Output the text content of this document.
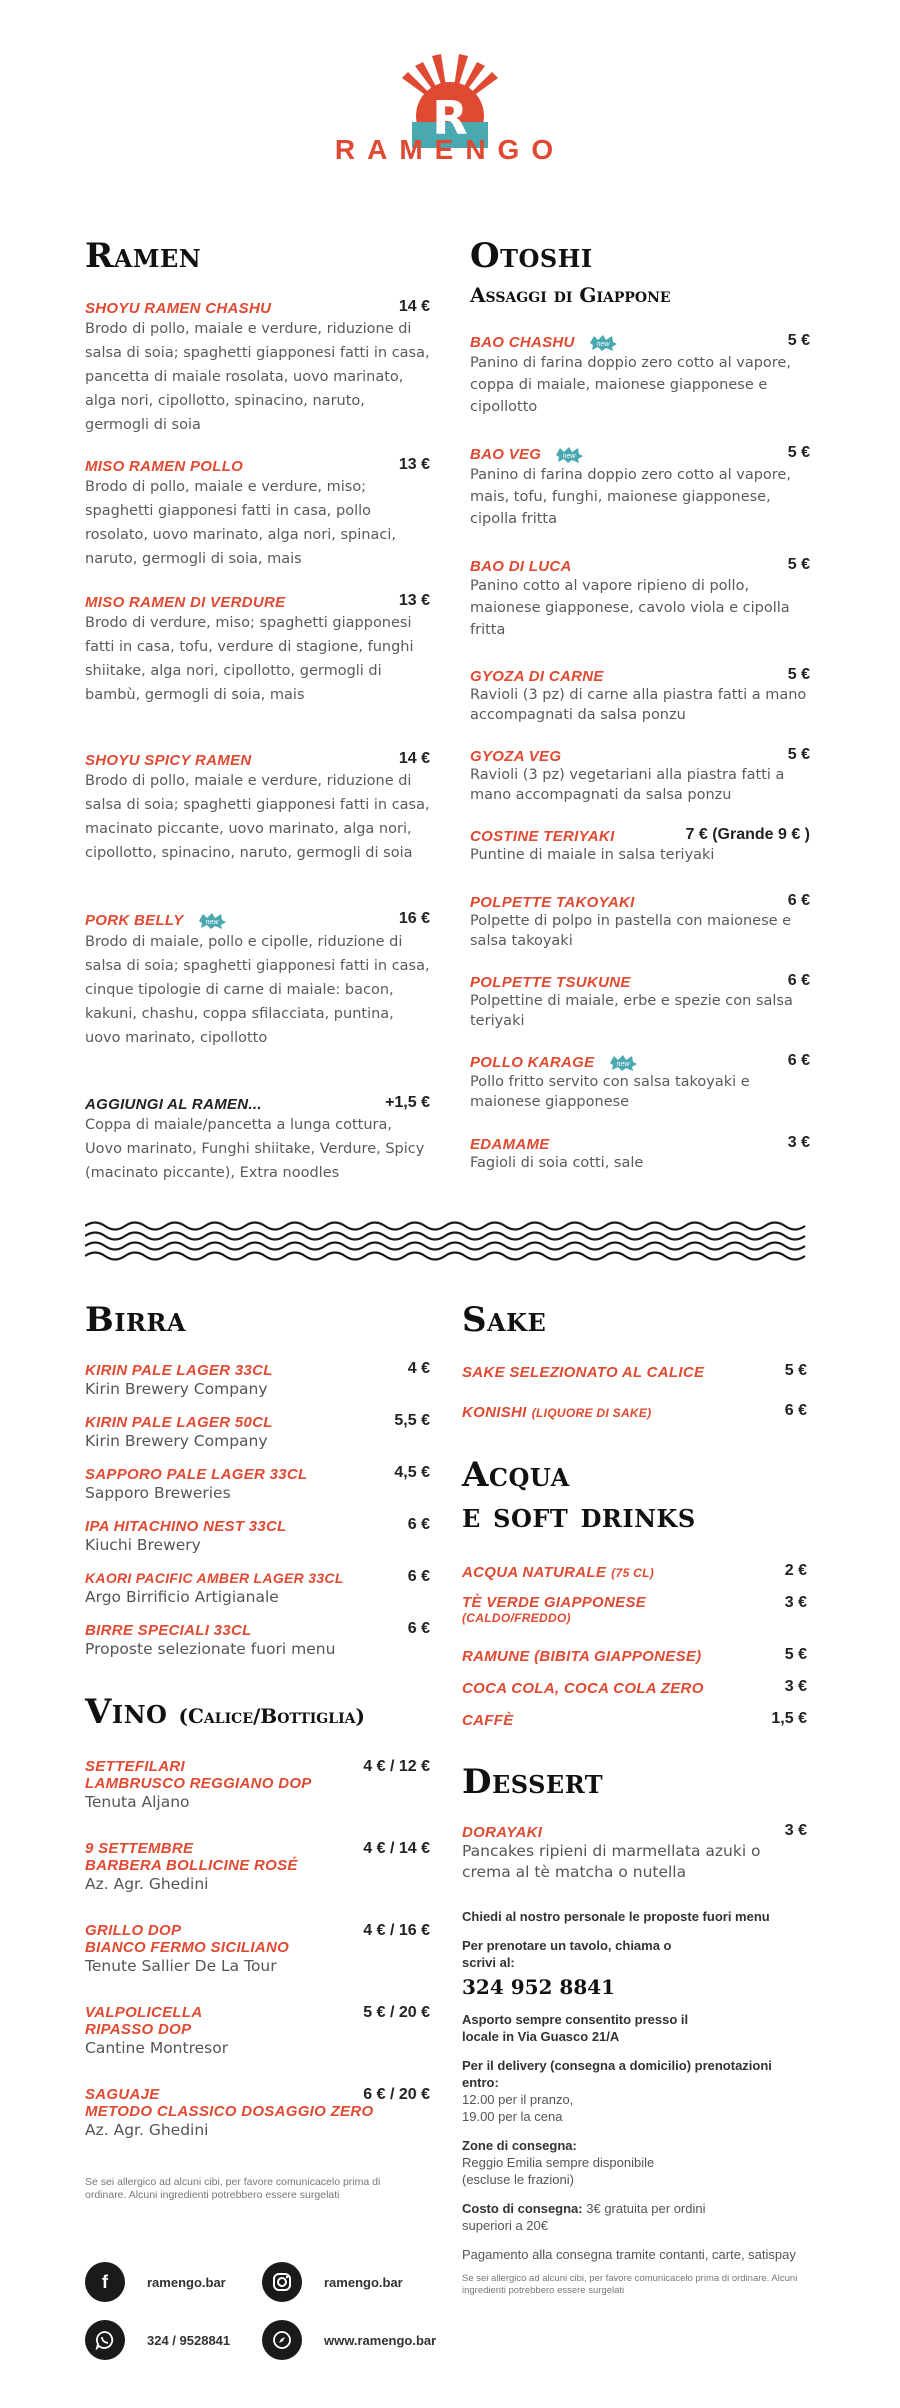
R
RAMENGO
Ramen
SHOYU RAMEN CHASHU	14 €
Brodo di pollo, maiale e verdure, riduzione di salsa di soia; spaghetti giapponesi fatti in casa, pancetta di maiale rosolata, uovo marinato, alga nori, cipollotto, spinacino, naruto, germogli di soia
MISO RAMEN POLLO	13 €
Brodo di pollo, maiale e verdure, miso; spaghetti giapponesi fatti in casa, pollo rosolato, uovo marinato, alga nori, spinaci, naruto, germogli di soia, mais
MISO RAMEN DI VERDURE	13 €
Brodo di verdure, miso; spaghetti giapponesi fatti in casa, tofu, verdure di stagione, funghi shiitake, alga nori, cipollotto, germogli di bambù, germogli di soia, mais
SHOYU SPICY RAMEN	14 €
Brodo di pollo, maiale e verdure, riduzione di salsa di soia; spaghetti giapponesi fatti in casa, macinato piccante, uovo marinato, alga nori, cipollotto, spinacino, naruto, germogli di soia
PORK BELLY	new	16 €
Brodo di maiale, pollo e cipolle, riduzione di salsa di soia; spaghetti giapponesi fatti in casa, cinque tipologie di carne di maiale: bacon, kakuni, chashu, coppa sfilacciata, puntina, uovo marinato, cipollotto
AGGIUNGI AL RAMEN...	+1,5 €
Coppa di maiale/pancetta a lunga cottura, Uovo marinato, Funghi shiitake, Verdure, Spicy (macinato piccante), Extra noodles
Otoshi
Assaggi di Giappone
BAO CHASHU	new	5 €
Panino di farina doppio zero cotto al vapore, coppa di maiale, maionese giapponese e cipollotto
BAO VEG	new	5 €
Panino di farina doppio zero cotto al vapore, mais, tofu, funghi, maionese giapponese, cipolla fritta
BAO DI LUCA	5 €
Panino cotto al vapore ripieno di pollo, maionese giapponese, cavolo viola e cipolla fritta
GYOZA DI CARNE	5 €
Ravioli (3 pz) di carne alla piastra fatti a mano accompagnati da salsa ponzu
GYOZA VEG	5 €
Ravioli (3 pz) vegetariani alla piastra fatti a mano accompagnati da salsa ponzu
COSTINE TERIYAKI	7 € (Grande 9 € )
Puntine di maiale in salsa teriyaki
POLPETTE TAKOYAKI	6 €
Polpette di polpo in pastella con maionese e salsa takoyaki
POLPETTE TSUKUNE	6 €
Polpettine di maiale, erbe e spezie con salsa teriyaki
POLLO KARAGE	new	6 €
Pollo fritto servito con salsa takoyaki e maionese giapponese
EDAMAME	3 €
Fagioli di soia cotti, sale
Birra
KIRIN PALE LAGER 33CL	4 €
Kirin Brewery Company
KIRIN PALE LAGER 50CL	5,5 €
Kirin Brewery Company
SAPPORO PALE LAGER 33CL	4,5 €
Sapporo Breweries
IPA HITACHINO NEST 33CL	6 €
Kiuchi Brewery
KAORI PACIFIC AMBER LAGER 33CL	6 €
Argo Birrificio Artigianale
BIRRE SPECIALI 33CL	6 €
Proposte selezionate fuori menu
Vino (Calice/Bottiglia)
SETTEFILARI
LAMBRUSCO REGGIANO DOP
4 € / 12 €
Tenuta Aljano
9 SETTEMBRE
BARBERA BOLLICINE ROSÉ
4 € / 14 €
Az. Agr. Ghedini
GRILLO DOP
BIANCO FERMO SICILIANO
4 € / 16 €
Tenute Sallier De La Tour
VALPOLICELLA
RIPASSO DOP
5 € / 20 €
Cantine Montresor
SAGUAJE
METODO CLASSICO DOSAGGIO ZERO
6 € / 20 €
Az. Agr. Ghedini
Se sei allergico ad alcuni cibi, per favore comunicacelo prima di ordinare. Alcuni ingredienti potrebbero essere surgelati
f	ramengo.bar	ramengo.bar
324 / 9528841	www.ramengo.bar
Sake
SAKE SELEZIONATO AL CALICE	5 €
KONISHI (LIQUORE DI SAKE)	6 €
Acqua
e soft drinks
ACQUA NATURALE (75 CL)	2 €
TÈ VERDE GIAPPONESE
(CALDO/FREDDO)
3 €
RAMUNE (BIBITA GIAPPONESE)	5 €
COCA COLA, COCA COLA ZERO	3 €
CAFFÈ	1,5 €
Dessert
DORAYAKI	3 €
Pancakes ripieni di marmellata azuki o crema al tè matcha o nutella
Chiedi al nostro personale le proposte fuori menu
Per prenotare un tavolo, chiama o scrivi al:
324 952 8841
Asporto sempre consentito presso il locale in Via Guasco 21/A
Per il delivery (consegna a domicilio) prenotazioni entro:
12.00 per il pranzo, 19.00 per la cena
Zone di consegna:
Reggio Emilia sempre disponibile (escluse le frazioni)
Costo di consegna: 3€ gratuita per ordini superiori a 20€
Pagamento alla consegna tramite contanti, carte, satispay
Se sei allergico ad alcuni cibi, per favore comunicacelo prima di ordinare. Alcuni ingredienti potrebbero essere surgelati
